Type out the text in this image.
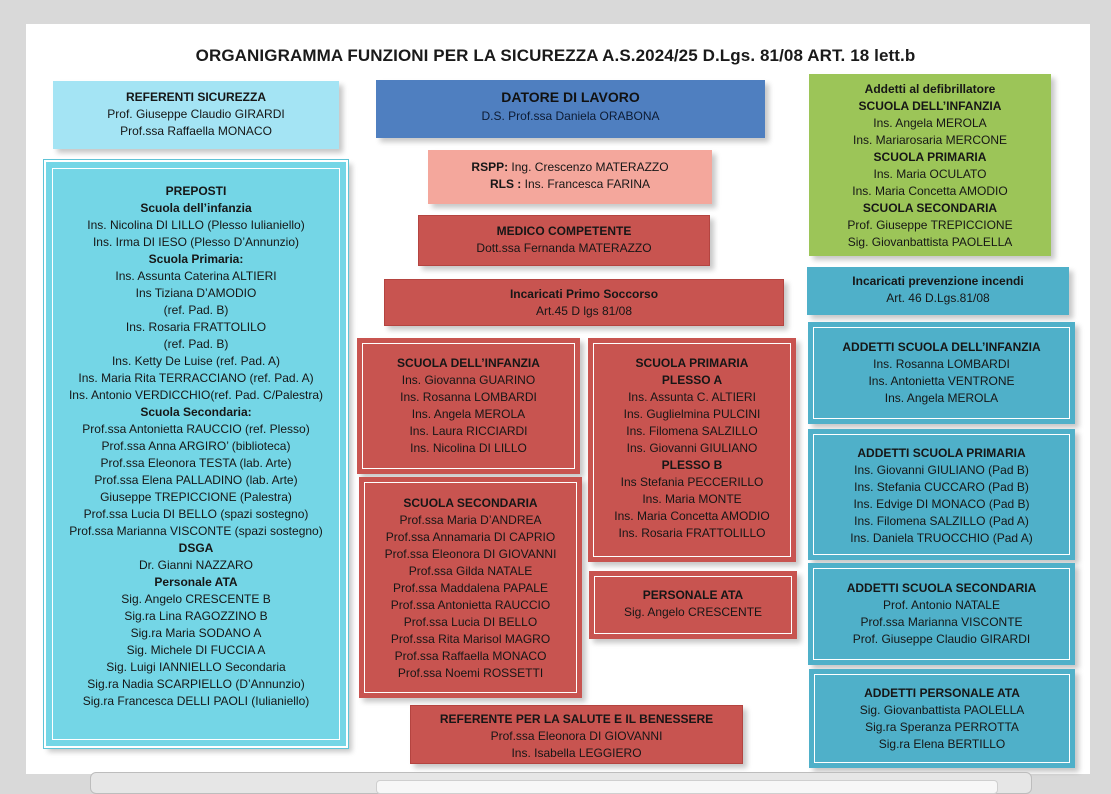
ORGANIGRAMMA FUNZIONI PER LA SICUREZZA A.S.2024/25 D.Lgs. 81/08 ART. 18 lett.b
REFERENTI SICUREZZA
Prof. Giuseppe Claudio GIRARDI
Prof.ssa Raffaella MONACO
PREPOSTI
Scuola dell’infanzia
Ins. Nicolina DI LILLO (Plesso Iulianiello)
Ins. Irma DI IESO (Plesso D’Annunzio)
Scuola Primaria:
Ins. Assunta Caterina ALTIERI
Ins Tiziana D’AMODIO
(ref. Pad. B)
Ins. Rosaria FRATTOLILO
(ref. Pad. B)
Ins. Ketty De Luise (ref. Pad. A)
Ins. Maria Rita TERRACCIANO (ref. Pad. A)
Ins. Antonio VERDICCHIO(ref. Pad. C/Palestra)
Scuola Secondaria:
Prof.ssa Antonietta RAUCCIO (ref. Plesso)
Prof.ssa Anna ARGIRO’ (biblioteca)
Prof.ssa Eleonora TESTA (lab. Arte)
Prof.ssa Elena PALLADINO (lab. Arte)
Giuseppe TREPICCIONE (Palestra)
Prof.ssa Lucia DI BELLO (spazi sostegno)
Prof.ssa Marianna VISCONTE (spazi sostegno)
DSGA
Dr. Gianni NAZZARO
Personale ATA
Sig. Angelo CRESCENTE B
Sig.ra Lina RAGOZZINO B
Sig.ra Maria SODANO A
Sig. Michele DI FUCCIA A
Sig. Luigi IANNIELLO Secondaria
Sig.ra Nadia SCARPIELLO (D’Annunzio)
Sig.ra Francesca DELLI PAOLI (Iulianiello)
DATORE DI LAVORO
D.S. Prof.ssa Daniela ORABONA
RSPP: Ing. Crescenzo MATERAZZO
RLS : Ins. Francesca FARINA
MEDICO COMPETENTE
Dott.ssa Fernanda MATERAZZO
Incaricati Primo Soccorso
Art.45 D lgs 81/08
SCUOLA DELL’INFANZIA
Ins. Giovanna GUARINO
Ins. Rosanna LOMBARDI
Ins. Angela MEROLA
Ins. Laura RICCIARDI
Ins. Nicolina DI LILLO
SCUOLA SECONDARIA
Prof.ssa Maria D’ANDREA
Prof.ssa Annamaria DI CAPRIO
Prof.ssa Eleonora DI GIOVANNI
Prof.ssa Gilda NATALE
Prof.ssa Maddalena PAPALE
Prof.ssa Antonietta RAUCCIO
Prof.ssa Lucia DI BELLO
Prof.ssa Rita Marisol MAGRO
Prof.ssa Raffaella MONACO
Prof.ssa Noemi ROSSETTI
SCUOLA PRIMARIA
PLESSO A
Ins. Assunta C. ALTIERI
Ins. Guglielmina PULCINI
Ins. Filomena SALZILLO
Ins. Giovanni GIULIANO
PLESSO B
Ins Stefania PECCERILLO
Ins. Maria MONTE
Ins. Maria Concetta AMODIO
Ins. Rosaria FRATTOLILLO
PERSONALE ATA
Sig. Angelo CRESCENTE
REFERENTE PER LA SALUTE E IL BENESSERE
Prof.ssa Eleonora DI GIOVANNI
Ins. Isabella LEGGIERO
Addetti al defibrillatore
SCUOLA DELL’INFANZIA
Ins. Angela MEROLA
Ins. Mariarosaria MERCONE
SCUOLA PRIMARIA
Ins. Maria OCULATO
Ins. Maria Concetta AMODIO
SCUOLA SECONDARIA
Prof. Giuseppe TREPICCIONE
Sig. Giovanbattista PAOLELLA
Incaricati prevenzione incendi
Art. 46 D.Lgs.81/08
ADDETTI SCUOLA DELL’INFANZIA
Ins. Rosanna LOMBARDI
Ins. Antonietta VENTRONE
Ins. Angela MEROLA
ADDETTI SCUOLA PRIMARIA
Ins. Giovanni GIULIANO (Pad B)
Ins. Stefania CUCCARO (Pad B)
Ins. Edvige DI MONACO (Pad B)
Ins. Filomena SALZILLO (Pad A)
Ins. Daniela TRUOCCHIO (Pad A)
ADDETTI SCUOLA SECONDARIA
Prof. Antonio NATALE
Prof.ssa Marianna VISCONTE
Prof. Giuseppe Claudio GIRARDI
ADDETTI PERSONALE ATA
Sig. Giovanbattista PAOLELLA
Sig.ra Speranza PERROTTA
Sig.ra Elena BERTILLO
